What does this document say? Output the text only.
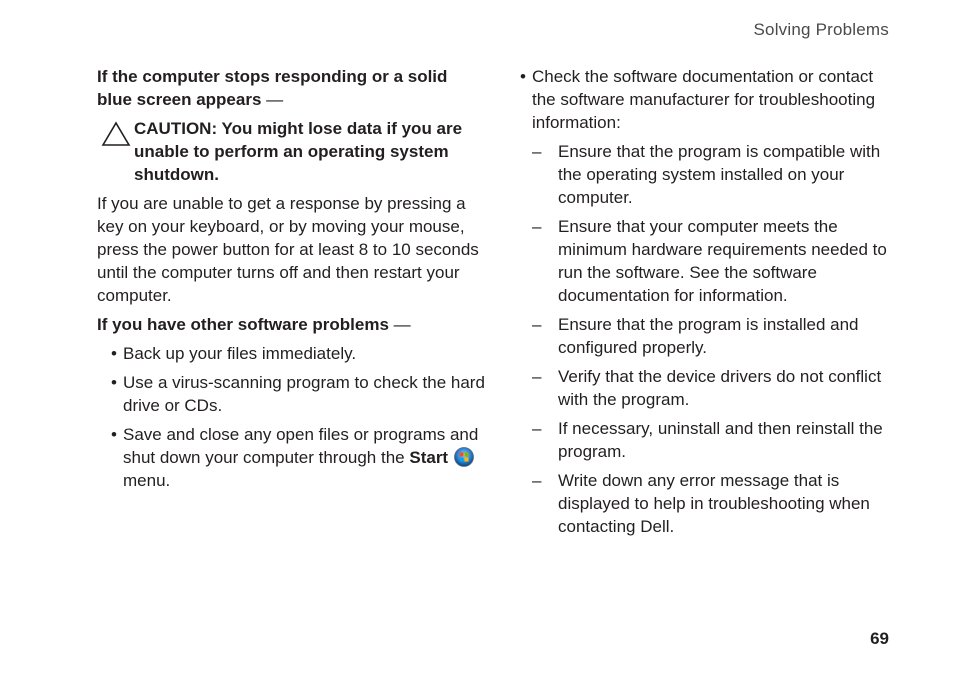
Solving Problems
If the computer stops responding or a solid blue screen appears —
CAUTION: You might lose data if you are unable to perform an operating system shutdown.

If you are unable to get a response by pressing a key on your keyboard, or by moving your mouse, press the power button for at least 8 to 10 seconds until the computer turns off and then restart your computer.

If you have other software problems —
• Back up your files immediately.
• Use a virus-scanning program to check the hard drive or CDs.
• Save and close any open files or programs and shut down your computer through the Startmenu.
• Check the software documentation or contact the software manufacturer for troubleshooting information:
– Ensure that the program is compatible with the operating system installed on your computer.
– Ensure that your computer meets the minimum hardware requirements needed to run the software. See the software documentation for information.
– Ensure that the program is installed and configured properly.
– Verify that the device drivers do not conflict with the program.
– If necessary, uninstall and then reinstall the program.
– Write down any error message that is displayed to help in troubleshooting when contacting Dell.
69
